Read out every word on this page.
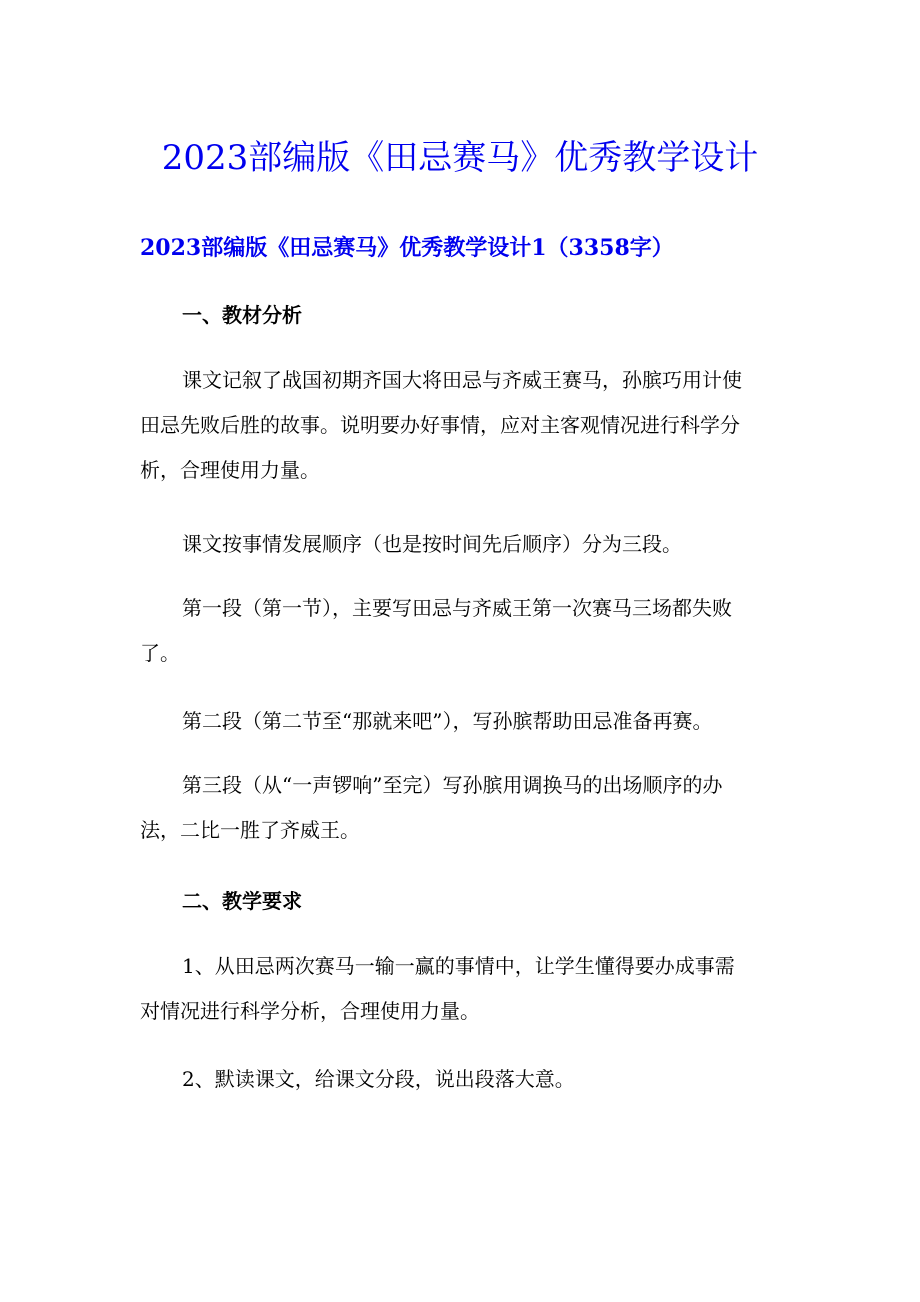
2023部编版《田忌赛马》优秀教学设计
2023部编版《田忌赛马》优秀教学设计1（3358字）
一、教材分析

课文记叙了战国初期齐国大将田忌与齐威王赛马，孙膑巧用计使
田忌先败后胜的故事。说明要办好事情，应对主客观情况进行科学分
析，合理使用力量。

课文按事情发展顺序（也是按时间先后顺序）分为三段。

第一段（第一节），主要写田忌与齐威王第一次赛马三场都失败
了。

第二段（第二节至“那就来吧”），写孙膑帮助田忌准备再赛。

第三段（从“一声锣响”至完）写孙膑用调换马的出场顺序的办
法，二比一胜了齐威王。

二、教学要求

1、从田忌两次赛马一输一赢的事情中，让学生懂得要办成事需
对情况进行科学分析，合理使用力量。

2、默读课文，给课文分段，说出段落大意。
